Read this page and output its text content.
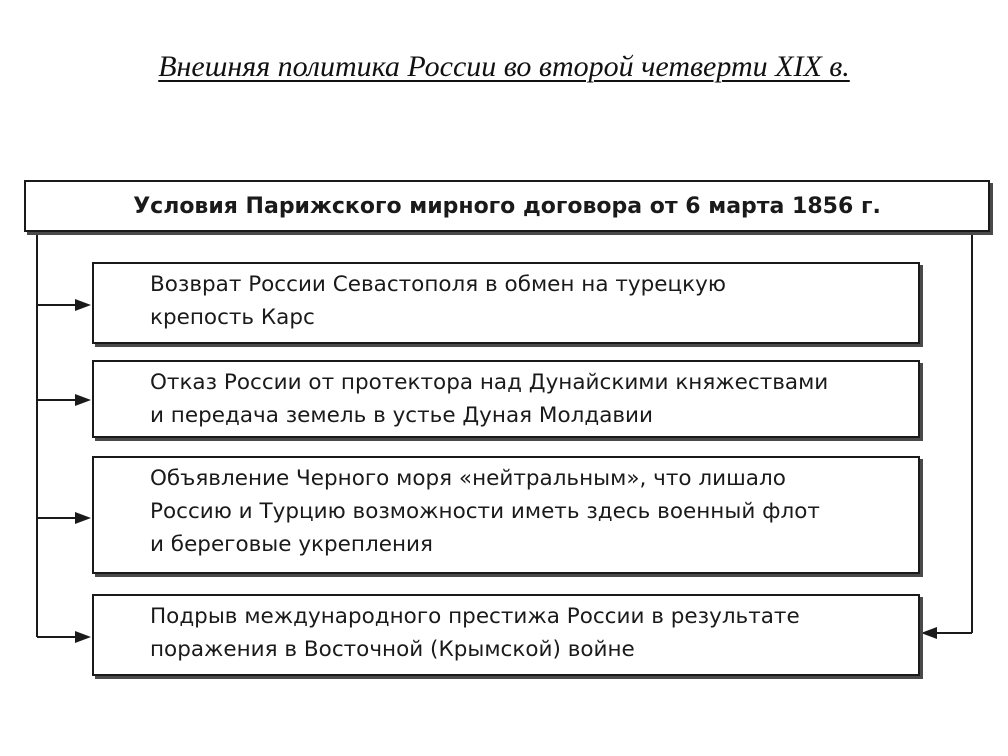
Внешняя политика России во второй четверти XIX в.
Условия Парижского мирного договора от 6 марта 1856 г.
Возврат России Севастополя в обмен на турецкую
крепость Карс
Отказ России от протектора над Дунайскими княжествами
и передача земель в устье Дуная Молдавии
Объявление Черного моря «нейтральным», что лишало
Россию и Турцию возможности иметь здесь военный флот
и береговые укрепления
Подрыв международного престижа России в результате
поражения в Восточной (Крымской) войне
